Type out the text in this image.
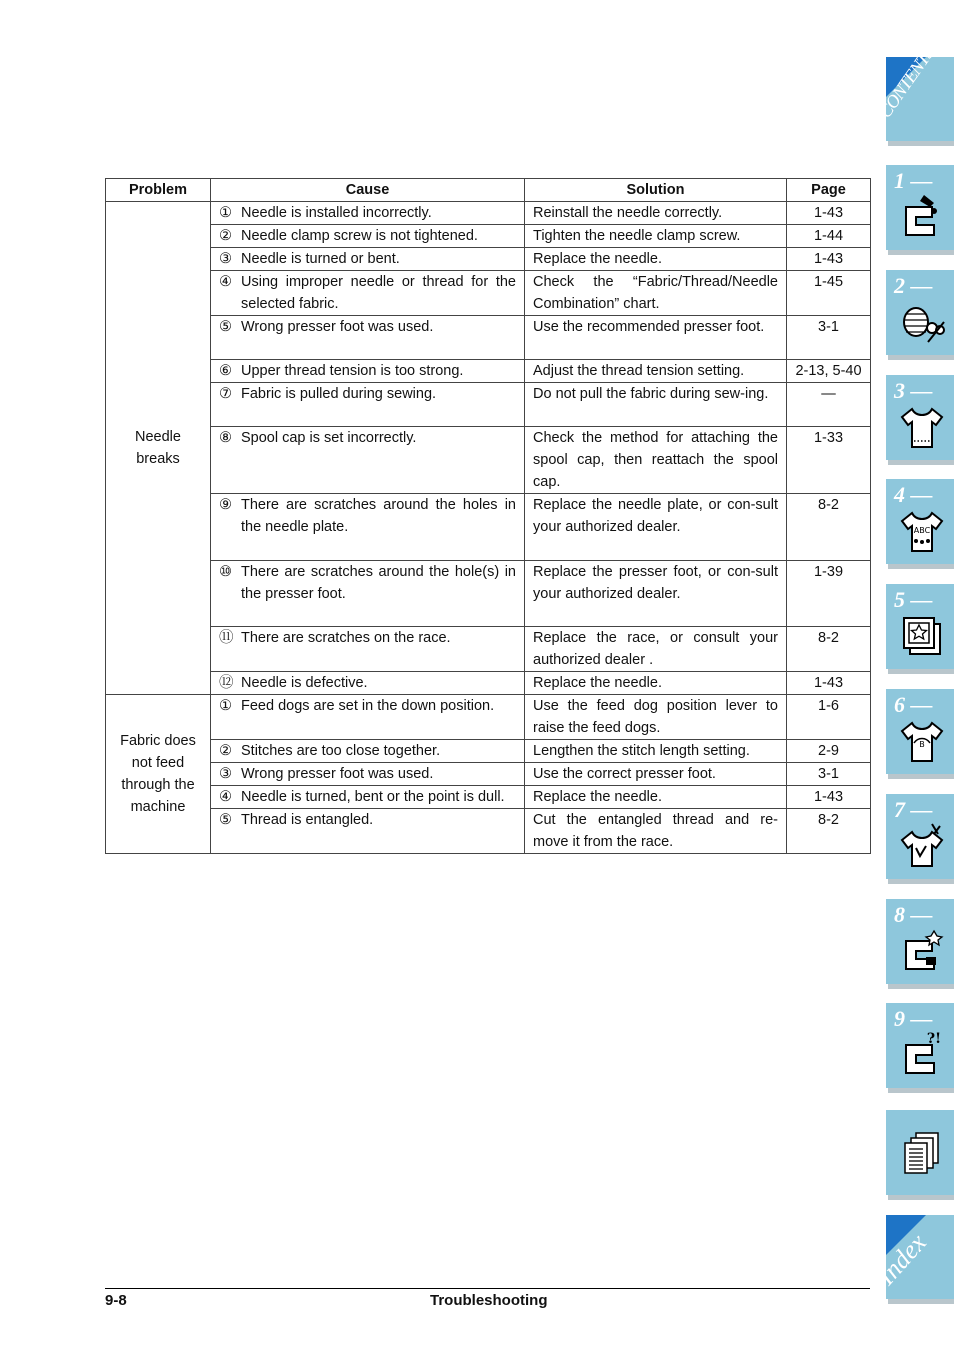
Problem	Cause	Solution	Page
Needle breaks	① Needle is installed incorrectly.	Reinstall the needle correctly.	1-43

	② Needle clamp screw is not tightened.	Tighten the needle clamp screw.	1-44

	③ Needle is turned or bent.	Replace the needle.	1-43

	④ Using improper needle or thread for the selected fabric.	Check the “Fabric/Thread/Needle Combination” chart.	1-45

	⑤ Wrong presser foot was used.	Use the recommended presser foot.	3-1

	⑥ Upper thread tension is too strong.	Adjust the thread tension setting.	2-13, 5-40

	⑦ Fabric is pulled during sewing.	Do not pull the fabric during sew-ing.	—

	⑧ Spool cap is set incorrectly.	Check the method for attaching the spool cap, then reattach the spool cap.	1-33

	⑨ There are scratches around the holes in the needle plate.	Replace the needle plate, or con-sult your authorized dealer.	8-2

	⑩ There are scratches around the hole(s) in the presser foot.	Replace the presser foot, or con-sult your authorized dealer.	1-39

	⑪ There are scratches on the race.	Replace the race, or consult your authorized dealer .	8-2

	⑫ Needle is defective.	Replace the needle.	1-43
Fabric does not feed through the machine	① Feed dogs are set in the down position.	Use the feed dog position lever to raise the feed dogs.	1-6

	② Stitches are too close together.	Lengthen the stitch length setting.	2-9

	③ Wrong presser foot was used.	Use the correct presser foot.	3-1

	④ Needle is turned, bent or the point is dull.	Replace the needle.	1-43

	⑤ Thread is entangled.	Cut the entangled thread and re-move it from the race.	8-2
9-8	Troubleshooting
CONTENTS
1 —
2 —
3 —
4 —
ABC
5 —
6 —
B
7 —
8 —
9 —
?!
Index
